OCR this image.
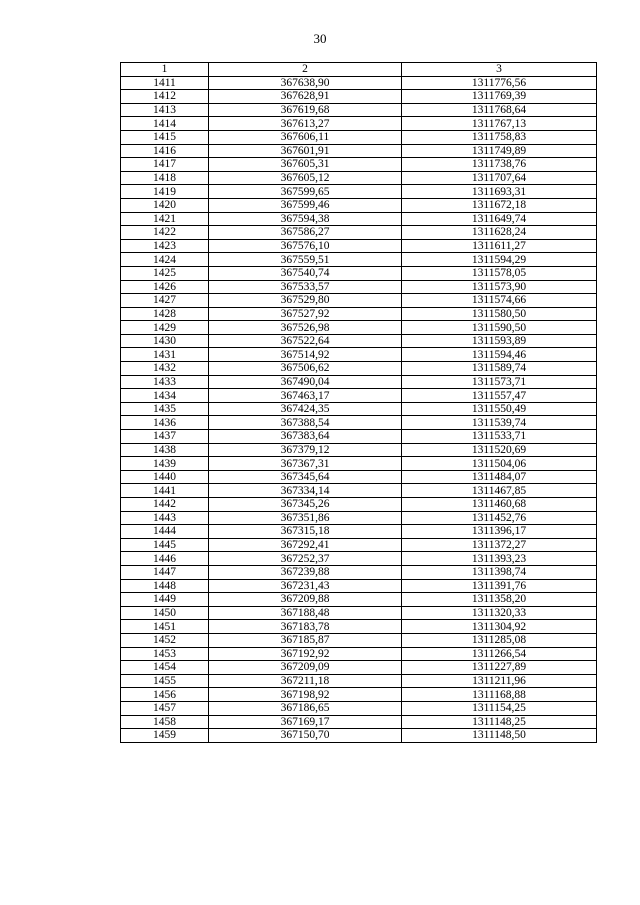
30
1	2	3
1411	367638,90	1311776,56
1412	367628,91	1311769,39
1413	367619,68	1311768,64
1414	367613,27	1311767,13
1415	367606,11	1311758,83
1416	367601,91	1311749,89
1417	367605,31	1311738,76
1418	367605,12	1311707,64
1419	367599,65	1311693,31
1420	367599,46	1311672,18
1421	367594,38	1311649,74
1422	367586,27	1311628,24
1423	367576,10	1311611,27
1424	367559,51	1311594,29
1425	367540,74	1311578,05
1426	367533,57	1311573,90
1427	367529,80	1311574,66
1428	367527,92	1311580,50
1429	367526,98	1311590,50
1430	367522,64	1311593,89
1431	367514,92	1311594,46
1432	367506,62	1311589,74
1433	367490,04	1311573,71
1434	367463,17	1311557,47
1435	367424,35	1311550,49
1436	367388,54	1311539,74
1437	367383,64	1311533,71
1438	367379,12	1311520,69
1439	367367,31	1311504,06
1440	367345,64	1311484,07
1441	367334,14	1311467,85
1442	367345,26	1311460,68
1443	367351,86	1311452,76
1444	367315,18	1311396,17
1445	367292,41	1311372,27
1446	367252,37	1311393,23
1447	367239,88	1311398,74
1448	367231,43	1311391,76
1449	367209,88	1311358,20
1450	367188,48	1311320,33
1451	367183,78	1311304,92
1452	367185,87	1311285,08
1453	367192,92	1311266,54
1454	367209,09	1311227,89
1455	367211,18	1311211,96
1456	367198,92	1311168,88
1457	367186,65	1311154,25
1458	367169,17	1311148,25
1459	367150,70	1311148,50
